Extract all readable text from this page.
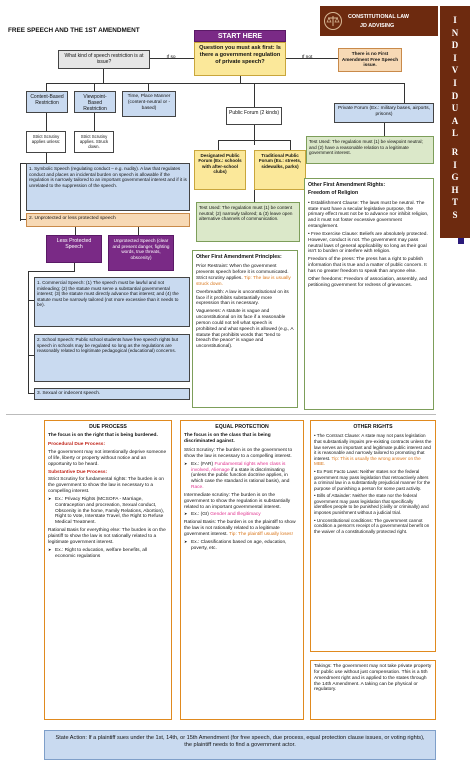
FREE SPEECH AND THE 1ST AMENDMENT
CONSTITUTIONAL LAW
JD ADVISING
I
N
D
I
V
I
D
U
A
L

R
I
G
H
T
S
START HERE
Question you must ask first: Is there a government regulation of private speech?
There is no First Amendment Free Speech issue.
What kind of speech restriction is at issue?
Content-Based Restriction
Viewpoint-Based Restriction
Time, Place Manner (content-neutral or -based)
Strict Scrutiny applies unless:
Strict Scrutiny applies. Struck down.
1. Symbolic Speech (regulating conduct – e.g. nudity). A law that regulates conduct and places an incidental burden on speech is allowable if the regulation is narrowly tailored to an important governmental interest and if it is unrelated to the suppression of the speech.
2. Unprotected or less protected speech
Less Protected Speech
Unprotected Speech (clear and present danger, fighting words, true threats, obscenity)
1. Commercial Speech: (1) The speech must be lawful and not misleading; (2) the statute must serve a substantial governmental interest; (3) the statute must directly advance that interest; and (4) the statute must be narrowly tailored (not more excessive than it needs to be).
2. School Speech: Public school students have free speech rights but speech in schools may be regulated so long as the regulations are reasonably related to legitimate pedagogical (educational) concerns.
3. Sexual or indecent speech.
Public Forum (2 kinds)
Private Forum (Ex.: military bases, airports, prisons)
Designated Public Forum (Ex.: schools with after-school clubs)
Traditional Public Forum (Ex.: streets, sidewalks, parks)
Test Used: The regulation must (1) be viewpoint neutral; and (2) have a reasonable relation to a legitimate government interest.
Test Used: The regulation must (1) be content neutral; (2) narrowly tailored; & (3) leave open alternative channels of communication.

Other First Amendment Principles:

Prior Restraint: When the government prevents speech before it is communicated. Strict scrutiny applies. Tip: The law is usually struck down.

Overbreadth: A law is unconstitutional on its face if it prohibits substantially more expression than is necessary.

Vagueness: A statute is vague and unconstitutional on its face if a reasonable person could not tell what speech is prohibited and what speech is allowed (e.g., A statute that prohibits words that "tend to breach the peace" is vague and unconstitutional).

Other First Amendment Rights:

Freedom of Religion

• Establishment Clause: The laws must be neutral. The state must have a secular legislative purpose, the primary effect must not be to advance nor inhibit religion, and it must not foster excessive government entanglement.

• Free Exercise Clause: Beliefs are absolutely protected. However, conduct is not. The government may pass neutral laws of general applicability so long as their goal isn't to burden or interfere with religion.

Freedom of the press: The press has a right to publish information that is true and a matter of public concern. It has no greater freedom to speak than anyone else.

Other freedoms: Freedom of association, assembly, and petitioning government for redress of grievances.

DUE PROCESS

The focus is on the right that is being burdened.

Procedural Due Process:

The government may not intentionally deprive someone of life, liberty or property without notice and an opportunity to be heard.

Substantive Due Process:

Strict Scrutiny for fundamental rights: The burden is on the government to show the law is necessary to a compelling interest.

➤ Ex.: Privacy Rights (MCSOFA - Marriage, Contraception and procreation, Sexual conduct, Obscenity in the home, Family Relations, Abortion), Right to Vote, Interstate Travel, the Right to Refuse Medical Treatment.

Rational Basis for everything else: The burden is on the plaintiff to show the law is not rationally related to a legitimate government interest.

➤ Ex.: Right to education, welfare benefits, all economic regulations

EQUAL PROTECTION

The focus is on the class that is being discriminated against.

Strict Scrutiny: The burden is on the government to show the law is necessary to a compelling interest.

➤ Ex.: (FAR) Fundamental rights when class is involved, Alienage if a state is discriminating (unless the public function doctrine applies, in which case the standard is rational basis), and Race.

Intermediate scrutiny: The burden is on the government to show the regulation is substantially related to an important governmental interest.

➤ Ex.: (GI) Gender and Illegitimacy

Rational Basis: The burden is on the plaintiff to show the law is not rationally related to a legitimate government interest. Tip: The plaintiff usually loses!

➤ Ex.: Classifications based on age, education, poverty, etc.

OTHER RIGHTS

• The Contract Clause: A state may not pass legislation that substantially impairs pre-existing contracts unless the law serves an important and legitimate public interest and it is reasonable and narrowly tailored to promoting that interest. Tip: This is usually the wrong answer on the MBE.

• Ex Post Facto Laws: Neither states nor the federal government may pass legislation that retroactively alters a criminal law in a substantially prejudicial manner for the purpose of punishing a person for some past activity.

• Bills of Attainder: Neither the state nor the federal government may pass legislation that specifically identifies people to be punished (civilly or criminally) and imposes punishment without a judicial trial.

• Unconstitutional conditions: The government cannot condition a person's receipt of a governmental benefit on the waiver of a constitutionally protected right.

Takings: The government may not take private property for public use without just compensation. This is a 5th Amendment right and is applied to the states through the 14th Amendment. A taking can be physical or regulatory.
State Action: If a plaintiff sues under the 1st, 14th, or 15th Amendment (for free speech, due process, equal protection clause issues, or voting rights), the plaintiff needs to find a government actor.
